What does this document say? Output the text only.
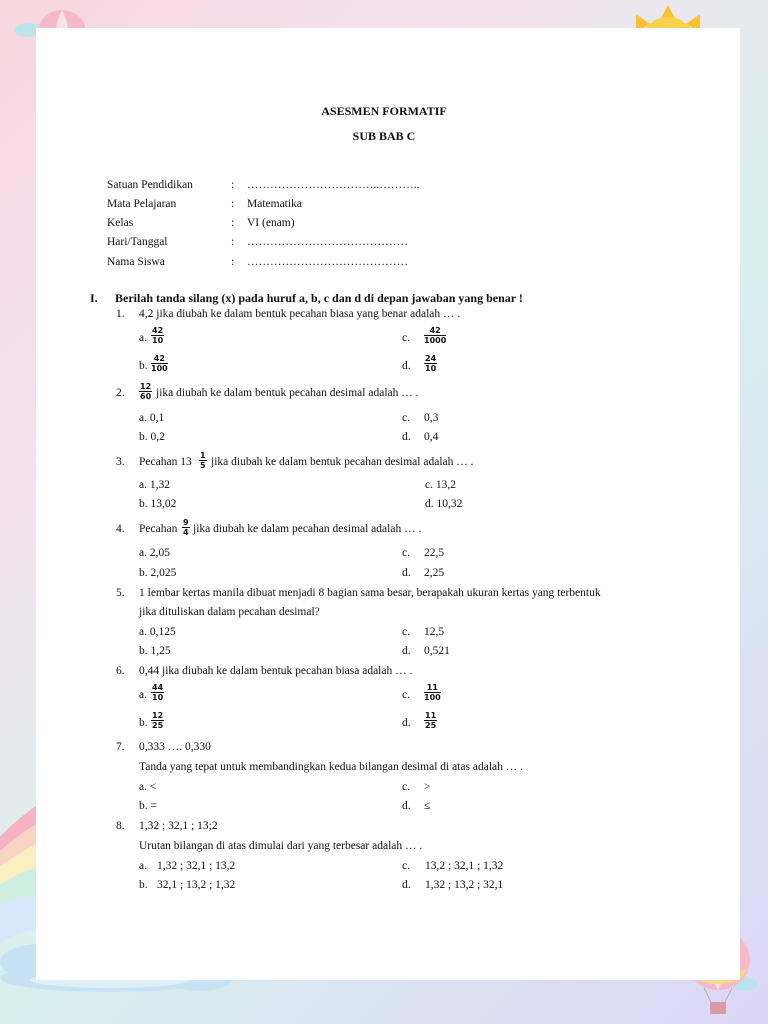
ASESMEN FORMATIF
SUB BAB C
Satuan Pendidikan	: ……………………………..………..
Mata Pelajaran	: Matematika
Kelas	: VI (enam)
Hari/Tanggal	: ……………………………………
Nama Siswa	: ……………………………………
I. Berilah tanda silang (x) pada huruf a, b, c dan d di depan jawaban yang benar !
1. 4,2 jika diubah ke dalam bentuk pecahan biasa yang benar adalah … .
a.
42
10
b.
42
100
c.
42
1000
d.
24
10
2.
12
60 jika diubah ke dalam bentuk pecahan desimal adalah … .
a. 0,1
b. 0,2
c. 0,3
d. 0,4
3. Pecahan 13
1
5 jika diubah ke dalam bentuk pecahan desimal adalah … .
a. 1,32
b. 13,02
c. 13,2
d. 10,32
4. Pecahan
9
4 jika diubah ke dalam pecahan desimal adalah … .
a. 2,05
b. 2,025
c. 22,5
d. 2,25
5. 1 lembar kertas manila dibuat menjadi 8 bagian sama besar, berapakah ukuran kertas yang terbentuk
jika dituliskan dalam pecahan desimal?
a. 0,125
b. 1,25
c. 12,5
d. 0,521
6. 0,44 jika diubah ke dalam bentuk pecahan biasa adalah … .
a.
44
10
b.
12
25
c.
11
100
d.
11
25
7. 0,333 …. 0,330
Tanda yang tepat untuk membandingkan kedua bilangan desimal di atas adalah … .
a. <
b. =
c. >
d. ≤
8. 1,32 ; 32,1 ; 13;2
Urutan bilangan di atas dimulai dari yang terbesar adalah … .
a. 1,32 ; 32,1 ; 13,2
b. 32,1 ; 13,2 ; 1,32
c. 13,2 ; 32,1 ; 1,32
d. 1,32 ; 13,2 ; 32,1
